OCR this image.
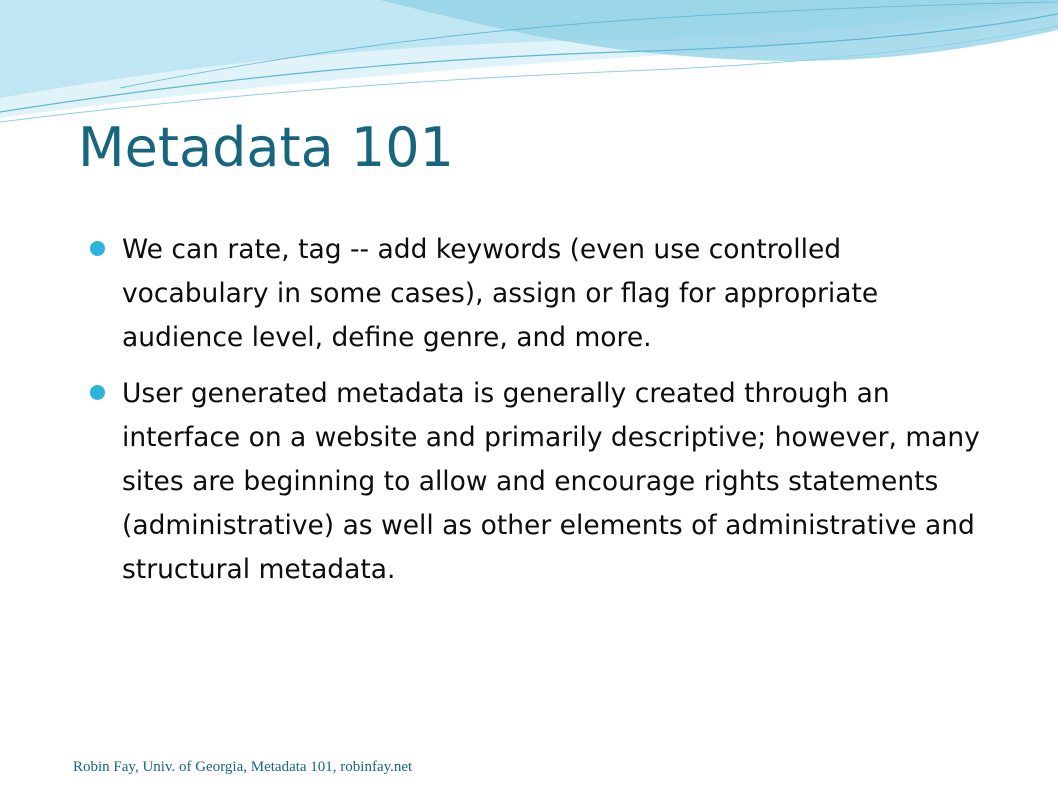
Metadata 101
We can rate, tag -- add keywords (even use controlled vocabulary in some cases), assign or flag for appropriate audience level, define genre, and more.
User generated metadata is generally created through an interface on a website and primarily descriptive; however, many sites are beginning to allow and encourage rights statements (administrative) as well as other elements of administrative and structural metadata.

Robin Fay, Univ. of Georgia, Metadata 101, robinfay.net
